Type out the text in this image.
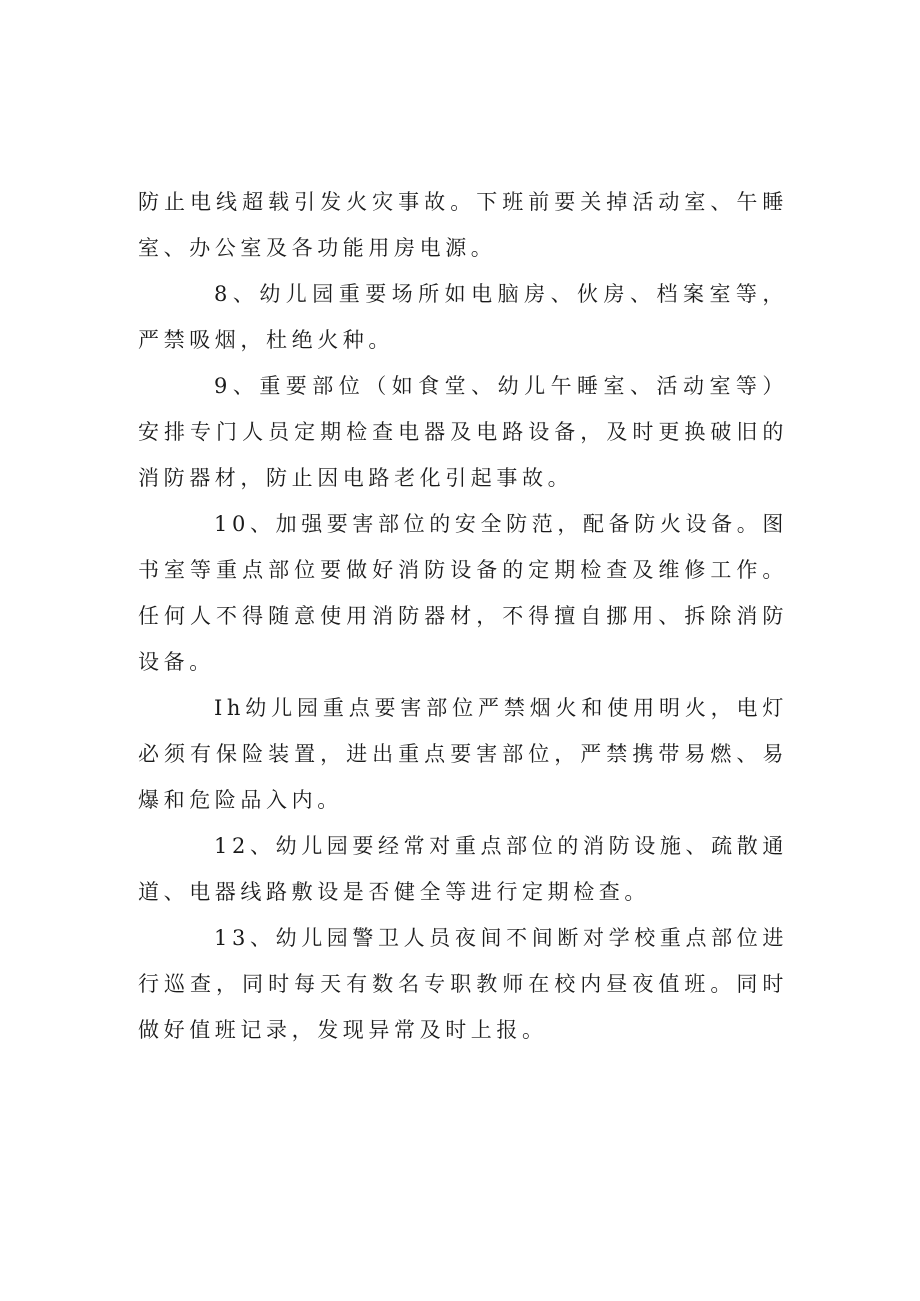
防止电线超载引发火灾事故。下班前要关掉活动室、午睡室、办公室及各功能用房电源。

8、幼儿园重要场所如电脑房、伙房、档案室等，严禁吸烟，杜绝火种。

9、重要部位（如食堂、幼儿午睡室、活动室等）安排专门人员定期检查电器及电路设备，及时更换破旧的消防器材，防止因电路老化引起事故。

10、加强要害部位的安全防范，配备防火设备。图书室等重点部位要做好消防设备的定期检查及维修工作。任何人不得随意使用消防器材，不得擅自挪用、拆除消防设备。

Ih幼儿园重点要害部位严禁烟火和使用明火，电灯必须有保险装置，进出重点要害部位，严禁携带易燃、易爆和危险品入内。

12、幼儿园要经常对重点部位的消防设施、疏散通道、电器线路敷设是否健全等进行定期检查。

13、幼儿园警卫人员夜间不间断对学校重点部位进行巡查，同时每天有数名专职教师在校内昼夜值班。同时做好值班记录，发现异常及时上报。
